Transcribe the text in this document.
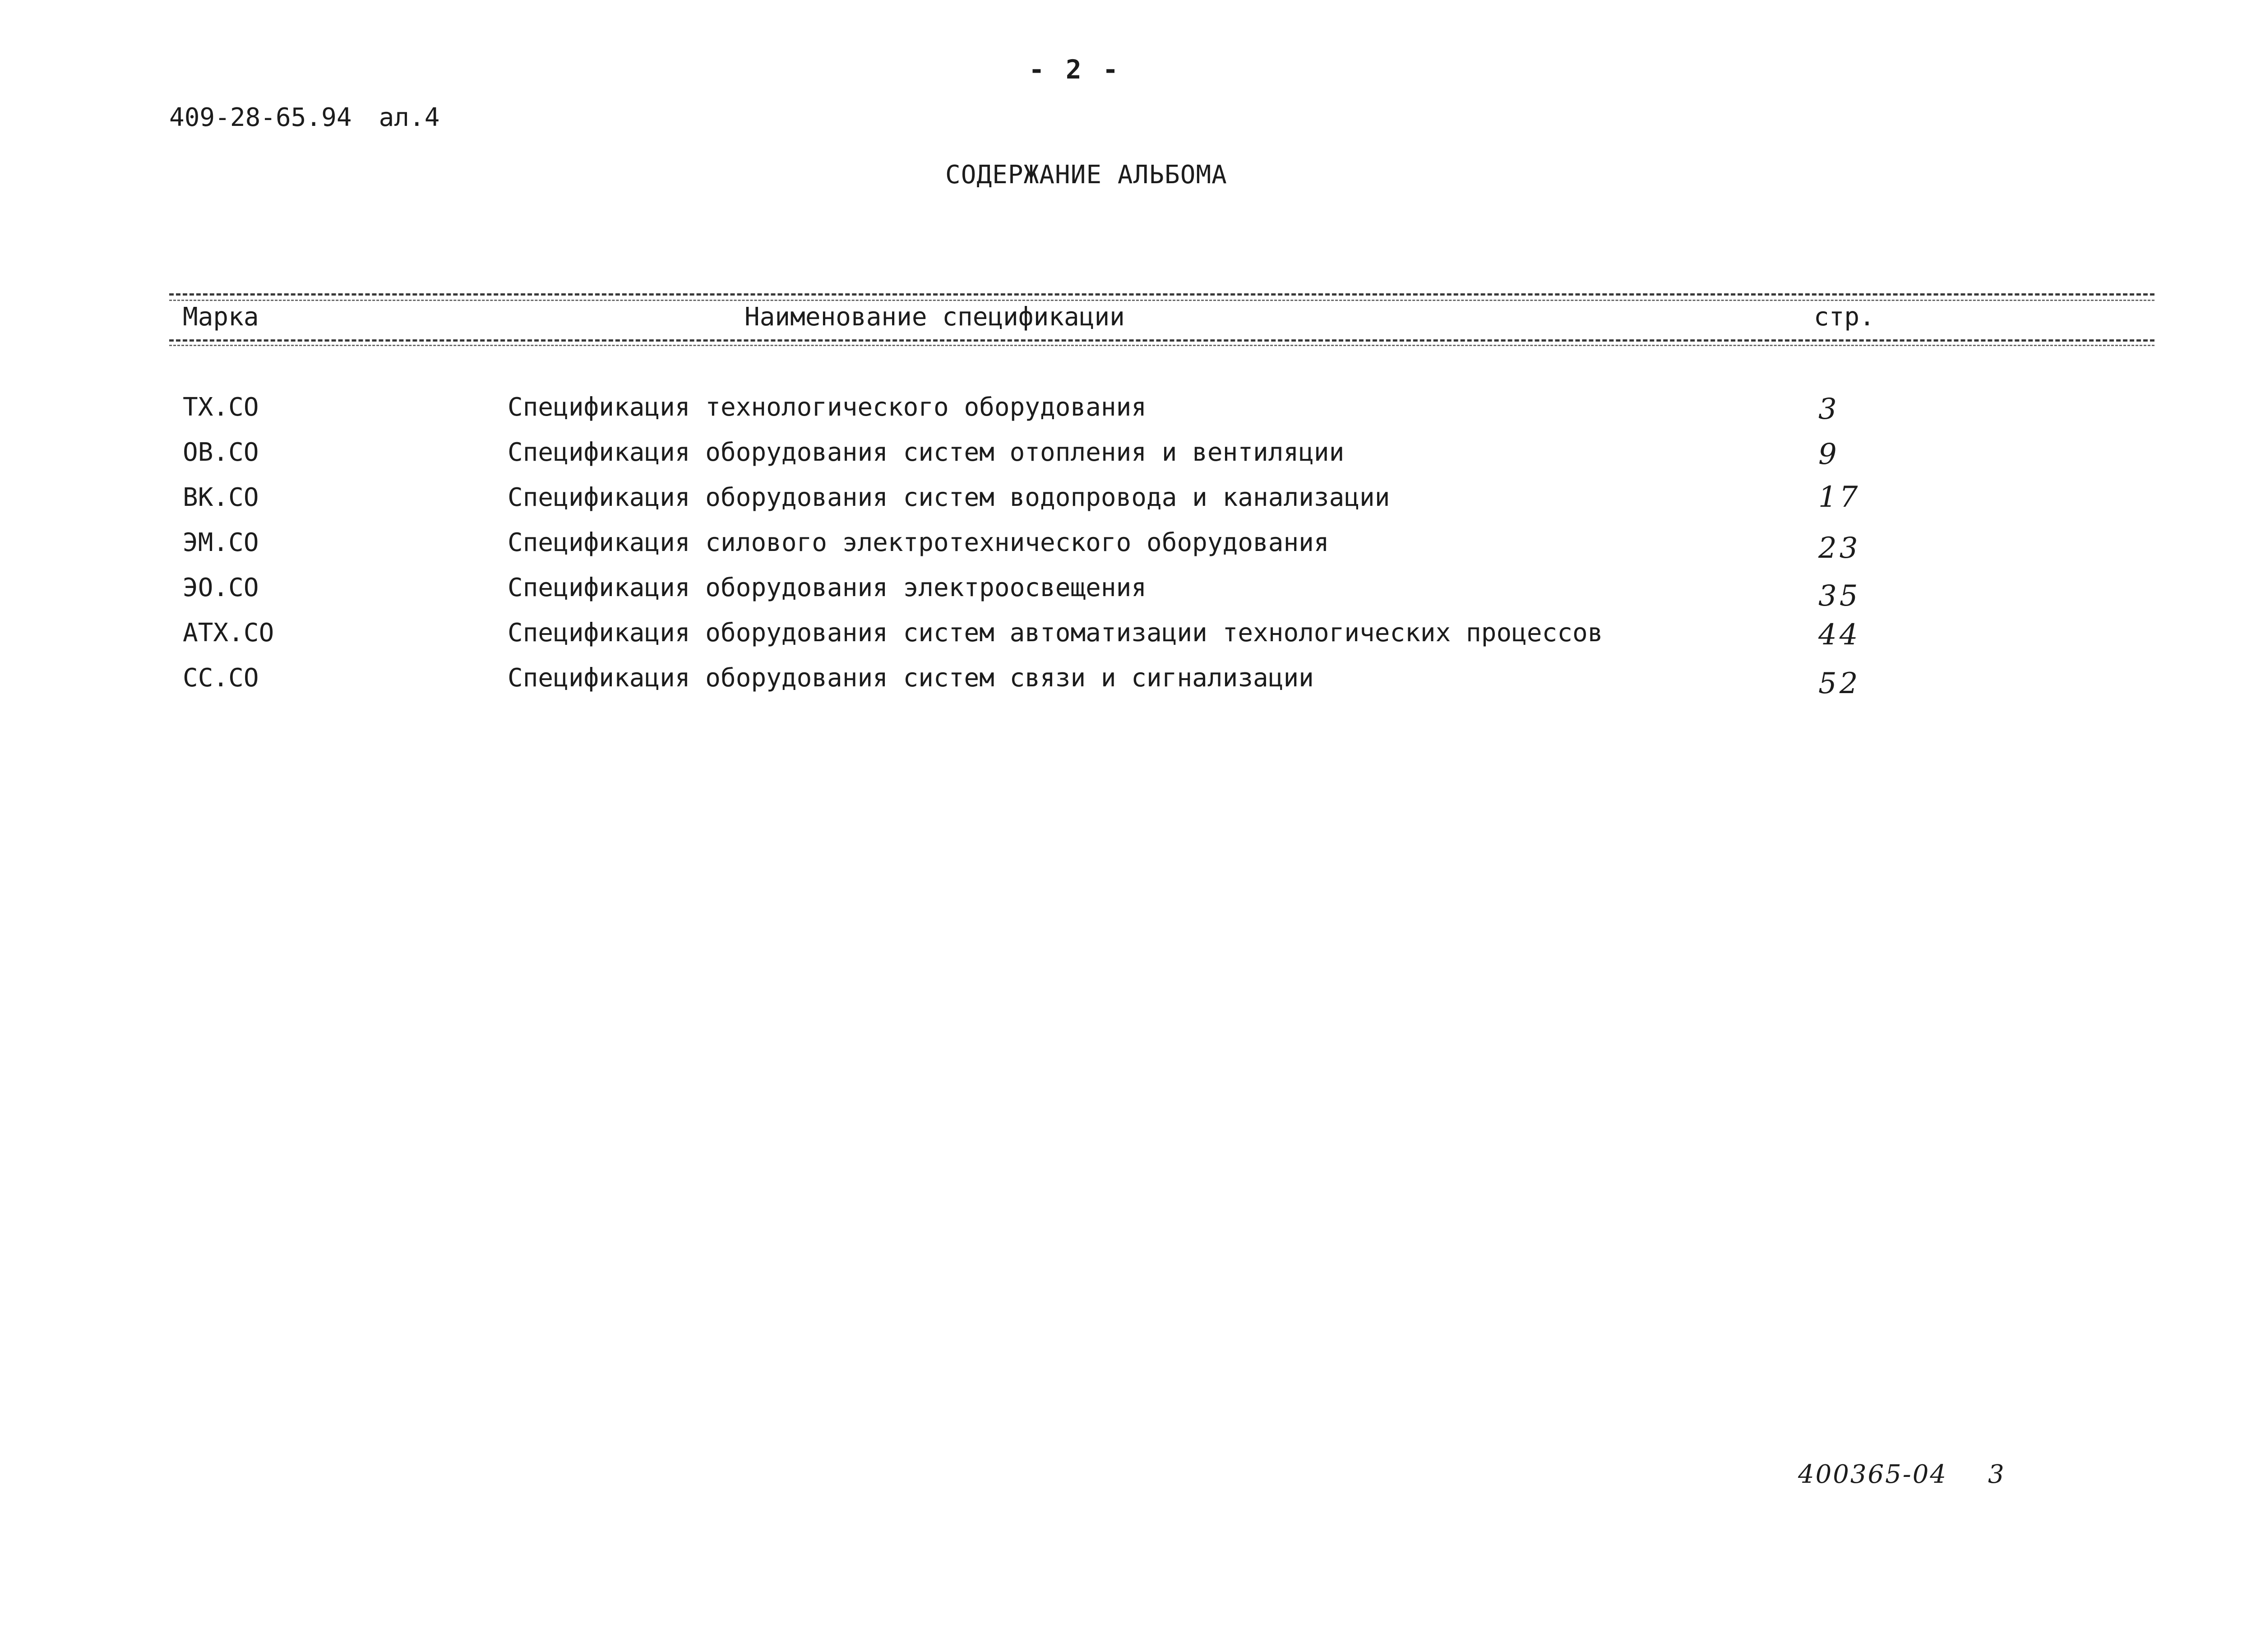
- 2 -
409-28-65.94 ал.4
СОДЕРЖАНИЕ АЛЬБОМА
Марка	Наименование спецификации	стр.
ТХ.СО	Спецификация технологического оборудования	3
ОВ.СО	Спецификация оборудования систем отопления и вентиляции	9
ВК.СО	Спецификация оборудования систем водопровода и канализации	17
ЭМ.СО	Спецификация силового электротехнического оборудования	23
ЭО.СО	Спецификация оборудования электроосвещения	35
АТХ.СО	Спецификация оборудования систем автоматизации технологических процессов	44
СС.СО	Спецификация оборудования систем связи и сигнализации	52
400365-04 3
